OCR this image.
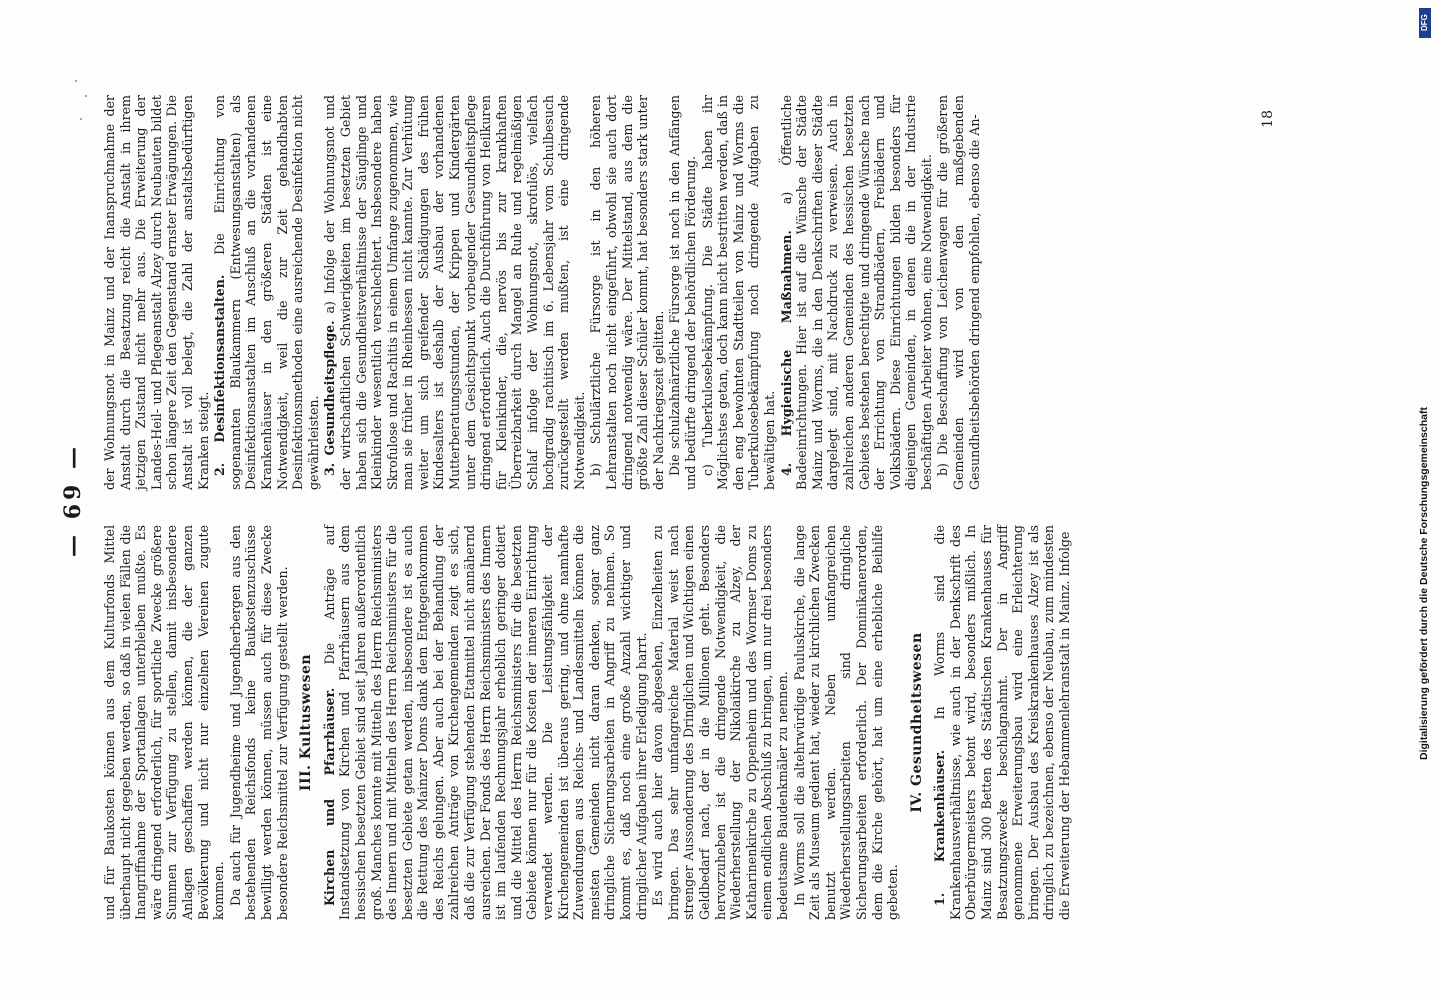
— 69 —

und für Baukosten können aus dem Kulturfonds Mittel überhaupt nicht gegeben werden, so daß in vielen Fällen die Inangriffnahme der Sportanlagen unterbleiben mußte. Es wäre dringend erforderlich, für sportliche Zwecke größere Summen zur Verfügung zu stellen, damit insbesondere Anlagen geschaffen werden können, die der ganzen Bevölkerung und nicht nur einzelnen Vereinen zugute kommen. Da auch für Jugendheime und Jugendherbergen aus den bestehenden Reichsfonds keine Baukostenzuschüsse bewilligt werden können, müssen auch für diese Zwecke besondere Reichsmittel zur Verfügung gestellt werden. III. Kultuswesen Kirchen und Pfarrhäuser. Die Anträge auf Instandsetzung von Kirchen und Pfarrhäusern aus dem hessischen besetzten Gebiet sind seit Jahren außerordentlich groß. Manches konnte mit Mitteln des Herrn Reichsministers des Innern und mit Mitteln des Herrn Reichsministers für die besetzten Gebiete getan werden, insbesondere ist es auch die Rettung des Mainzer Doms dank dem Entgegenkommen des Reichs gelungen. Aber auch bei der Behandlung der zahlreichen Anträge von Kirchengemeinden zeigt es sich, daß die zur Verfügung stehenden Etatmittel nicht annähernd ausreichen. Der Fonds des Herrn Reichsministers des Innern ist im laufenden Rechnungsjahr erheblich geringer dotiert und die Mittel des Herrn Reichsministers für die besetzten Gebiete können nur für die Kosten der inneren Einrichtung verwendet werden. Die Leistungsfähigkeit der Kirchengemeinden ist überaus gering, und ohne namhafte Zuwendungen aus Reichs- und Landesmitteln können die meisten Gemeinden nicht daran denken, sogar ganz dringliche Sicherungsarbeiten in Angriff zu nehmen. So kommt es, daß noch eine große Anzahl wichtiger und dringlicher Aufgaben ihrer Erledigung harrt. Es wird auch hier davon abgesehen, Einzelheiten zu bringen. Das sehr umfangreiche Material weist nach strenger Aussonderung des Dringlichen und Wichtigen einen Geldbedarf nach, der in die Millionen geht. Besonders hervorzuheben ist die dringende Notwendigkeit, die Wiederherstellung der Nikolaikirche zu Alzey, der Katharinenkirche zu Oppenheim und des Wormser Doms zu einem endlichen Abschluß zu bringen, um nur drei besonders bedeutsame Baudenkmäler zu nennen. In Worms soll die altehrwürdige Pauluskirche, die lange Zeit als Museum gedient hat, wieder zu kirchlichen Zwecken benutzt werden. Neben umfangreichen Wiederherstellungsarbeiten sind dringliche Sicherungsarbeiten erforderlich. Der Dominikanerorden, dem die Kirche gehört, hat um eine erhebliche Beihilfe gebeten.

IV. Gesundheitswesen

1. Krankenhäuser. In Worms sind die Krankenhausverhältnisse, wie auch in der Denkschrift des Oberbürgermeisters betont wird, besonders mißlich. In Mainz sind 300 Betten des Städtischen Krankenhauses für Besatzungszwecke beschlagnahmt. Der in Angriff genommene Erweiterungsbau wird eine Erleichterung bringen. Der Ausbau des Kreiskrankenhauses Alzey ist als dringlich zu bezeichnen, ebenso der Neubau, zum mindesten die Erweiterung der Hebammenlehranstalt in Mainz. Infolge

der Wohnungsnot in Mainz und der Inanspruchnahme der Anstalt durch die Besatzung reicht die Anstalt in ihrem jetzigen Zustand nicht mehr aus. Die Erweiterung der Landes-Heil- und Pflegeanstalt Alzey durch Neubauten bildet schon längere Zeit den Gegenstand ernster Erwägungen. Die Anstalt ist voll belegt, die Zahl der anstaltsbedürftigen Kranken steigt. 2. Desinfektionsanstalten. Die Einrichtung von sogenannten Blaukammern (Entwesungsanstalten) als Desinfektionsanstalten im Anschluß an die vorhandenen Krankenhäuser in den größeren Städten ist eine Notwendigkeit, weil die zur Zeit gehandhabten Desinfektionsmethoden eine ausreichende Desinfektion nicht gewährleisten. 3. Gesundheitspflege. a) Infolge der Wohnungsnot und der wirtschaftlichen Schwierigkeiten im besetzten Gebiet haben sich die Gesundheitsverhältnisse der Säuglinge und Kleinkinder wesentlich verschlechtert. Insbesondere haben Skrofulose und Rachitis in einem Umfange zugenommen, wie man sie früher in Rheinhessen nicht kannte. Zur Verhütung weiter um sich greifender Schädigungen des frühen Kindesalters ist deshalb der Ausbau der vorhandenen Mutterberatungsstunden, der Krippen und Kindergärten unter dem Gesichtspunkt vorbeugender Gesundheitspflege dringend erforderlich. Auch die Durchführung von Heilkuren für Kleinkinder, die, nervös bis zur krankhaften Überreizbarkeit durch Mangel an Ruhe und regelmäßigen Schlaf infolge der Wohnungsnot, skrofulös, vielfach hochgradig rachitisch im 6. Lebensjahr vom Schulbesuch zurückgestellt werden mußten, ist eine dringende Notwendigkeit. b) Schulärztliche Fürsorge ist in den höheren Lehranstalten noch nicht eingeführt, obwohl sie auch dort dringend notwendig wäre. Der Mittelstand, aus dem die größte Zahl dieser Schüler kommt, hat besonders stark unter der Nachkriegszeit gelitten. Die schulzahnärztliche Fürsorge ist noch in den Anfängen und bedürfte dringend der behördlichen Förderung. c) Tuberkulosebekämpfung. Die Städte haben ihr Möglichstes getan, doch kann nicht bestritten werden, daß in den eng bewohnten Stadtteilen von Mainz und Worms die Tuberkulosebekämpfung noch dringende Aufgaben zu bewältigen hat. 4. Hygienische Maßnahmen. a) Öffentliche Badeeinrichtungen. Hier ist auf die Wünsche der Städte Mainz und Worms, die in den Denkschriften dieser Städte dargelegt sind, mit Nachdruck zu verweisen. Auch in zahlreichen anderen Gemeinden des hessischen besetzten Gebietes bestehen berechtigte und dringende Wünsche nach der Errichtung von Strandbädern, Freibädern und Volksbädern. Diese Einrichtungen bilden besonders für diejenigen Gemeinden, in denen die in der Industrie beschäftigten Arbeiter wohnen, eine Notwendigkeit. b) Die Beschaffung von Leichenwagen für die größeren Gemeinden wird von den maßgebenden Gesundheitsbehörden dringend empfohlen, ebenso die An-	18
DFG
Digitalisierung gefördert durch die Deutsche Forschungsgemeinschaft
